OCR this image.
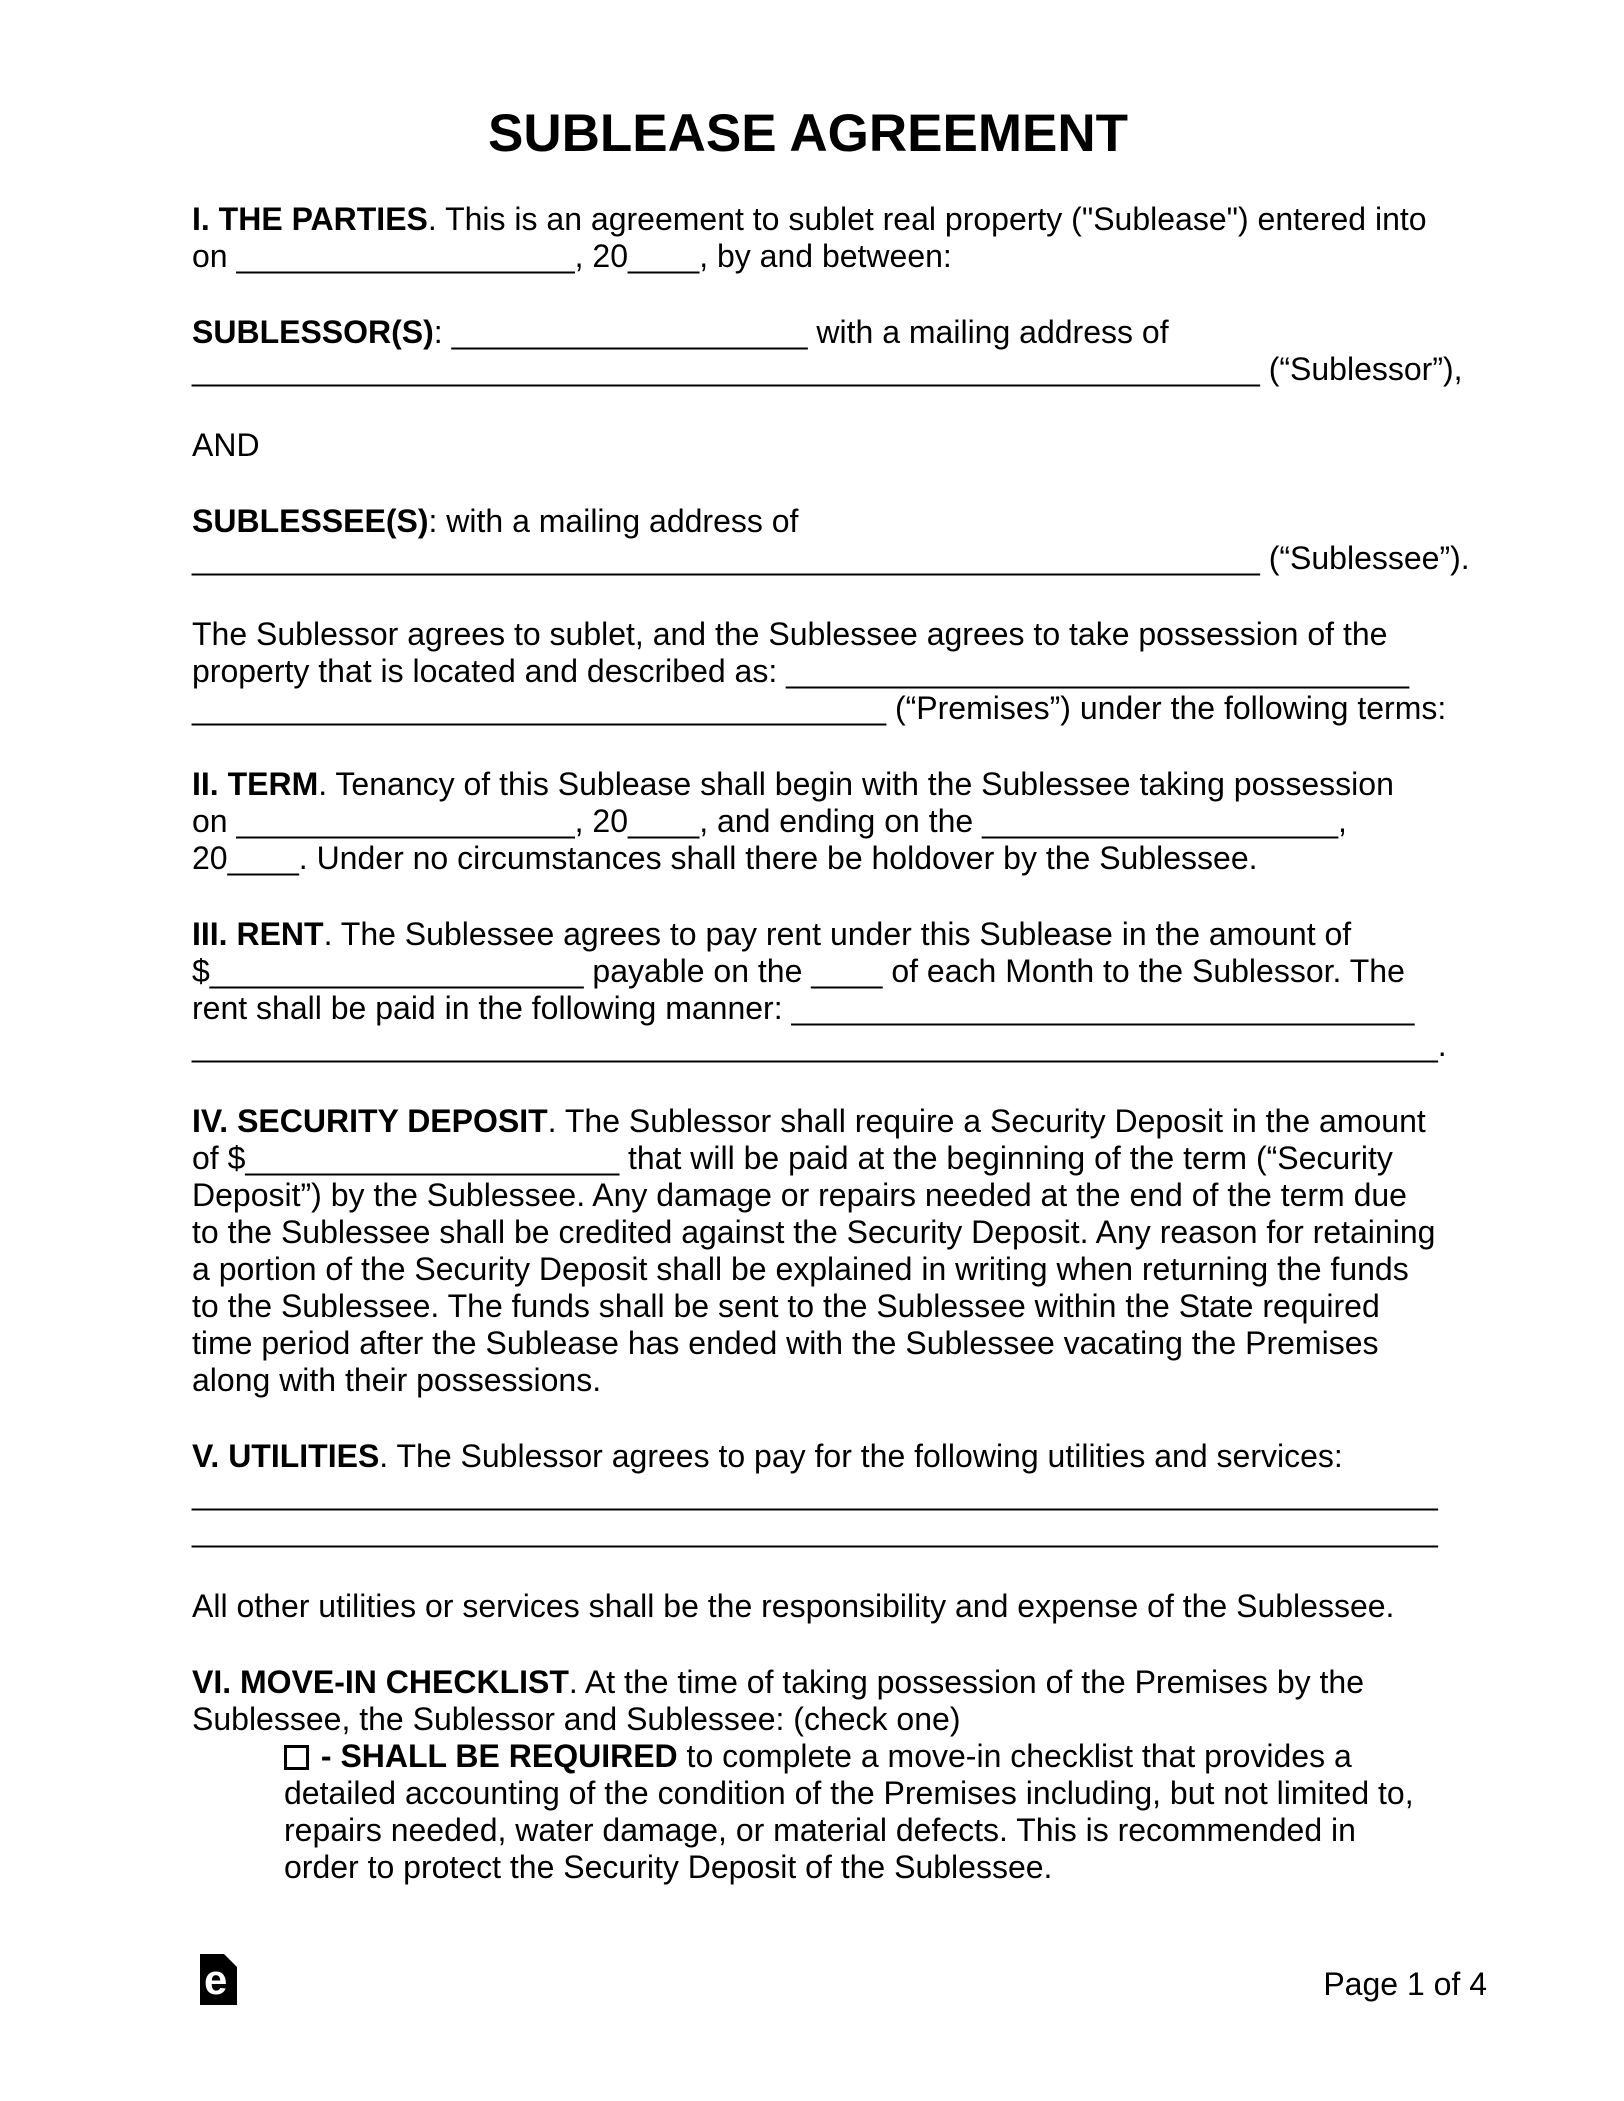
SUBLEASE AGREEMENT
I. THE PARTIES. This is an agreement to sublet real property ("Sublease") entered into
on ___________________, 20____, by and between:
SUBLESSOR(S): ____________________ with a mailing address of
____________________________________________________________ (“Sublessor”),
AND
SUBLESSEE(S): with a mailing address of
____________________________________________________________ (“Sublessee”).
The Sublessor agrees to sublet, and the Sublessee agrees to take possession of the
property that is located and described as: ___________________________________
_______________________________________ (“Premises”) under the following terms:
II. TERM. Tenancy of this Sublease shall begin with the Sublessee taking possession
on ___________________, 20____, and ending on the ____________________,
20____. Under no circumstances shall there be holdover by the Sublessee.
III. RENT. The Sublessee agrees to pay rent under this Sublease in the amount of
$_____________________ payable on the ____ of each Month to the Sublessor. The
rent shall be paid in the following manner: ___________________________________
______________________________________________________________________.
IV. SECURITY DEPOSIT. The Sublessor shall require a Security Deposit in the amount
of $_____________________ that will be paid at the beginning of the term (“Security
Deposit”) by the Sublessee. Any damage or repairs needed at the end of the term due
to the Sublessee shall be credited against the Security Deposit. Any reason for retaining
a portion of the Security Deposit shall be explained in writing when returning the funds
to the Sublessee. The funds shall be sent to the Sublessee within the State required
time period after the Sublease has ended with the Sublessee vacating the Premises
along with their possessions.
V. UTILITIES. The Sublessor agrees to pay for the following utilities and services:
______________________________________________________________________
______________________________________________________________________
All other utilities or services shall be the responsibility and expense of the Sublessee.
VI. MOVE-IN CHECKLIST. At the time of taking possession of the Premises by the
Sublessee, the Sublessor and Sublessee: (check one)
- SHALL BE REQUIRED to complete a move-in checklist that provides a
detailed accounting of the condition of the Premises including, but not limited to,
repairs needed, water damage, or material defects. This is recommended in
order to protect the Security Deposit of the Sublessee.
e	Page 1 of 4
